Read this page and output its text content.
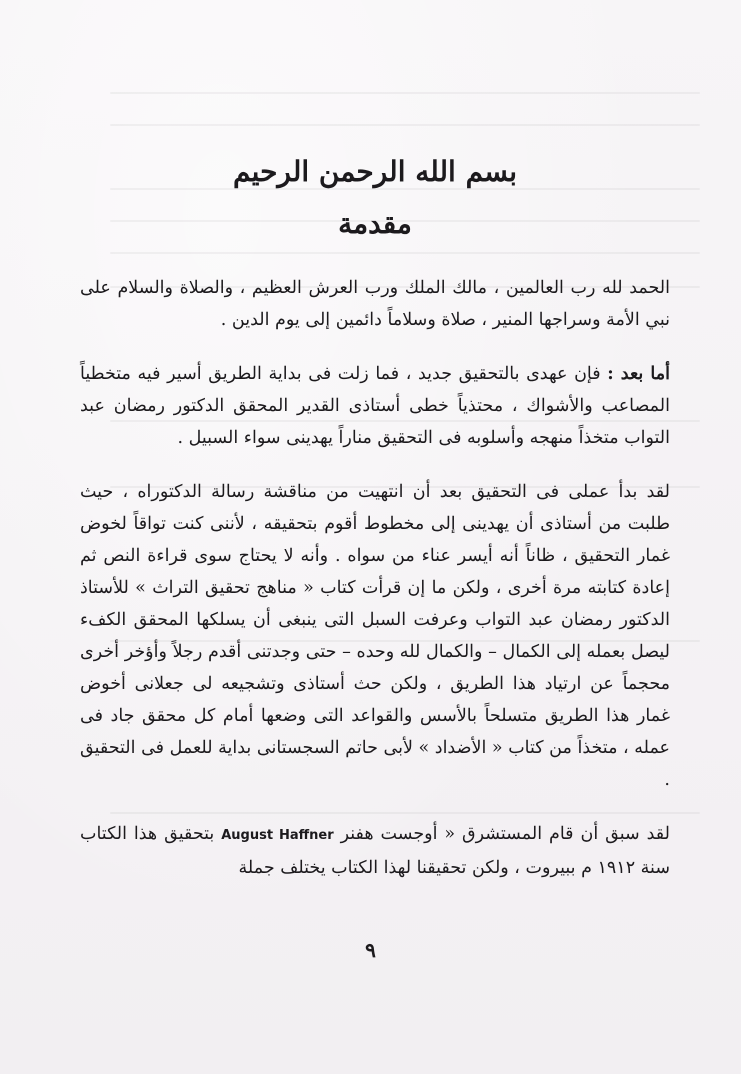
بسم الله الرحمن الرحيم
مقدمة

الحمد لله رب العالمين ، مالك الملك ورب العرش العظيم ، والصلاة والسلام على نبي الأمة وسراجها المنير ، صلاة وسلاماً دائمين إلى يوم الدين .

أما بعد : فإن عهدى بالتحقيق جديد ، فما زلت فى بداية الطريق أسير فيه متخطياً المصاعب والأشواك ، محتذياً خطى أستاذى القدير المحقق الدكتور رمضان عبد التواب متخذاً منهجه وأسلوبه فى التحقيق مناراً يهدينى سواء السبيل .

لقد بدأ عملى فى التحقيق بعد أن انتهيت من مناقشة رسالة الدكتوراه ، حيث طلبت من أستاذى أن يهدينى إلى مخطوط أقوم بتحقيقه ، لأننى كنت تواقاً لخوض غمار التحقيق ، ظاناً أنه أيسر عناء من سواه . وأنه لا يحتاج سوى قراءة النص ثم إعادة كتابته مرة أخرى ، ولكن ما إن قرأت كتاب « مناهج تحقيق التراث » للأستاذ الدكتور رمضان عبد التواب وعرفت السبل التى ينبغى أن يسلكها المحقق الكفء ليصل بعمله إلى الكمال – والكمال لله وحده – حتى وجدتنى أقدم رجلاً وأؤخر أخرى محجماً عن ارتياد هذا الطريق ، ولكن حث أستاذى وتشجيعه لى جعلانى أخوض غمار هذا الطريق متسلحاً بالأسس والقواعد التى وضعها أمام كل محقق جاد فى عمله ، متخذاً من كتاب « الأضداد » لأبى حاتم السجستانى بداية للعمل فى التحقيق .

لقد سبق أن قام المستشرق « أوجست هفنر August Haffner بتحقيق هذا الكتاب سنة ١٩١٢ م ببيروت ، ولكن تحقيقنا لهذا الكتاب يختلف جملة

٩
